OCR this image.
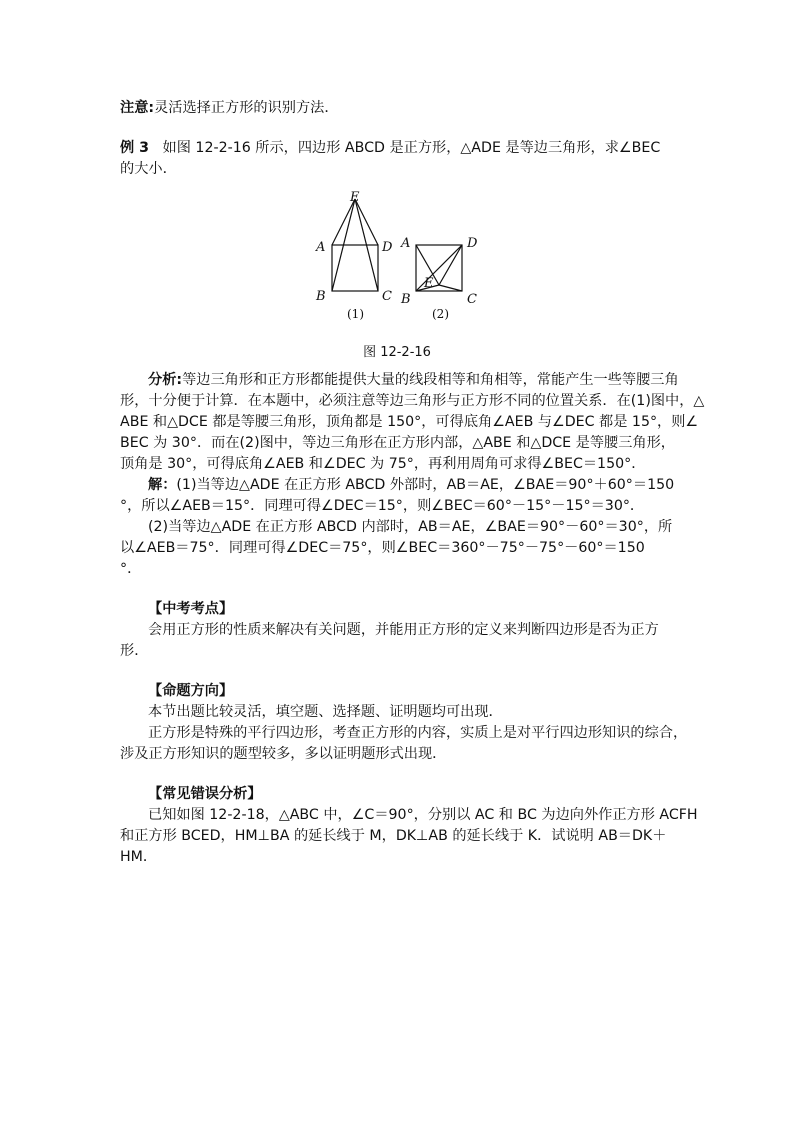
注意:灵活选择正方形的识别方法．
例 3 如图 12-2-16 所示，四边形 ABCD 是正方形，△ADE 是等边三角形，求∠BEC
的大小．
E
A	D
B	C
A	D
E
B	C
(1)	(2)
图 12-2-16
分析:等边三角形和正方形都能提供大量的线段相等和角相等，常能产生一些等腰三角
形，十分便于计算．在本题中，必须注意等边三角形与正方形不同的位置关系．在(1)图中，△
ABE 和△DCE 都是等腰三角形，顶角都是 150°，可得底角∠AEB 与∠DEC 都是 15°，则∠
BEC 为 30°．而在(2)图中，等边三角形在正方形内部，△ABE 和△DCE 是等腰三角形，
顶角是 30°，可得底角∠AEB 和∠DEC 为 75°，再利用周角可求得∠BEC＝150°．
解：(1)当等边△ADE 在正方形 ABCD 外部时，AB＝AE，∠BAE＝90°＋60°＝150
°，所以∠AEB＝15°．同理可得∠DEC＝15°，则∠BEC＝60°－15°－15°＝30°．
(2)当等边△ADE 在正方形 ABCD 内部时，AB＝AE，∠BAE＝90°－60°＝30°，所
以∠AEB＝75°．同理可得∠DEC＝75°，则∠BEC＝360°－75°－75°－60°＝150
°．
【中考考点】
会用正方形的性质来解决有关问题，并能用正方形的定义来判断四边形是否为正方
形．
【命题方向】
本节出题比较灵活，填空题、选择题、证明题均可出现．
正方形是特殊的平行四边形，考查正方形的内容，实质上是对平行四边形知识的综合，
涉及正方形知识的题型较多，多以证明题形式出现．
【常见错误分析】
已知如图 12-2-18，△ABC 中，∠C＝90°，分别以 AC 和 BC 为边向外作正方形 ACFH
和正方形 BCED，HM⊥BA 的延长线于 M，DK⊥AB 的延长线于 K．试说明 AB＝DK＋
HM．
